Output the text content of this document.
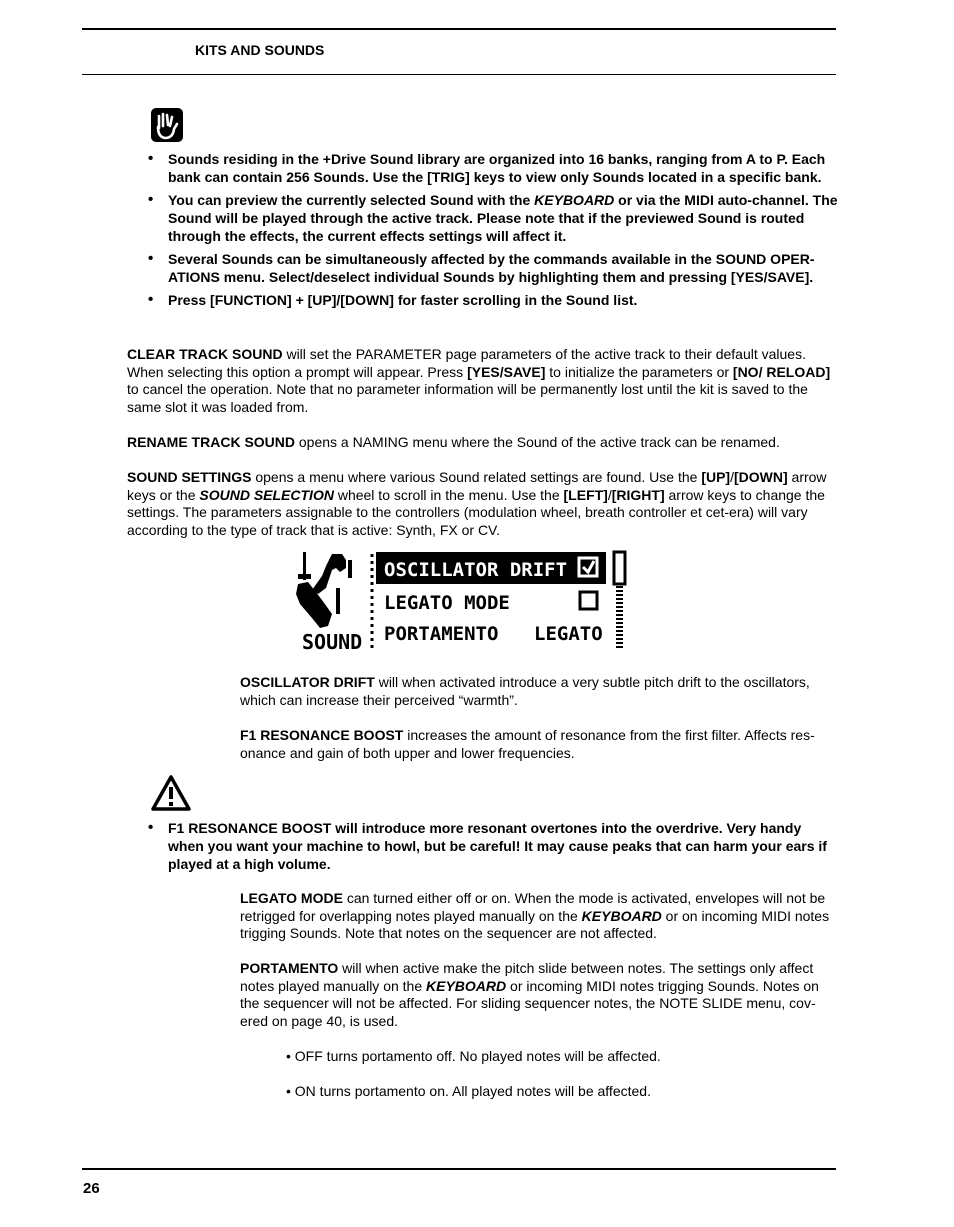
KITS AND SOUNDS
• Sounds residing in the +Drive Sound library are organized into 16 banks, ranging from A to P. Each bank can contain 256 Sounds. Use the [TRIG] keys to view only Sounds located in a specific bank.
• You can preview the currently selected Sound with the KEYBOARD or via the MIDI auto-channel. The Sound will be played through the active track. Please note that if the previewed Sound is routed through the effects, the current effects settings will affect it.
• Several Sounds can be simultaneously affected by the commands available in the SOUND OPER-ATIONS menu. Select/deselect individual Sounds by highlighting them and pressing [YES/SAVE].
• Press [FUNCTION] + [UP]/[DOWN] for faster scrolling in the Sound list.

CLEAR TRACK SOUND will set the PARAMETER page parameters of the active track to their default values. When selecting this option a prompt will appear. Press [YES/SAVE] to initialize the parameters or [NO/ RELOAD] to cancel the operation. Note that no parameter information will be permanently lost until the kit is saved to the same slot it was loaded from.

RENAME TRACK SOUND opens a NAMING menu where the Sound of the active track can be renamed.

SOUND SETTINGS opens a menu where various Sound related settings are found. Use the [UP]/[DOWN] arrow keys or the SOUND SELECTION wheel to scroll in the menu. Use the [LEFT]/[RIGHT] arrow keys to change the settings. The parameters assignable to the controllers (modulation wheel, breath controller et cet-era) will vary according to the type of track that is active: Synth, FX or CV.

SOUND
OSCILLATOR DRIFT
LEGATO MODE
PORTAMENTO LEGATO

OSCILLATOR DRIFT will when activated introduce a very subtle pitch drift to the oscillators, which can increase their perceived “warmth”.

F1 RESONANCE BOOST increases the amount of resonance from the first filter. Affects res-onance and gain of both upper and lower frequencies.

• F1 RESONANCE BOOST will introduce more resonant overtones into the overdrive. Very handy when you want your machine to howl, but be careful! It may cause peaks that can harm your ears if played at a high volume.

LEGATO MODE can turned either off or on. When the mode is activated, envelopes will not be retrigged for overlapping notes played manually on the KEYBOARD or on incoming MIDI notes trigging Sounds. Note that notes on the sequencer are not affected.

PORTAMENTO will when active make the pitch slide between notes. The settings only affect notes played manually on the KEYBOARD or incoming MIDI notes trigging Sounds. Notes on the sequencer will not be affected. For sliding sequencer notes, the NOTE SLIDE menu, cov-ered on page 40, is used.

• OFF turns portamento off. No played notes will be affected.

• ON turns portamento on. All played notes will be affected.

26
